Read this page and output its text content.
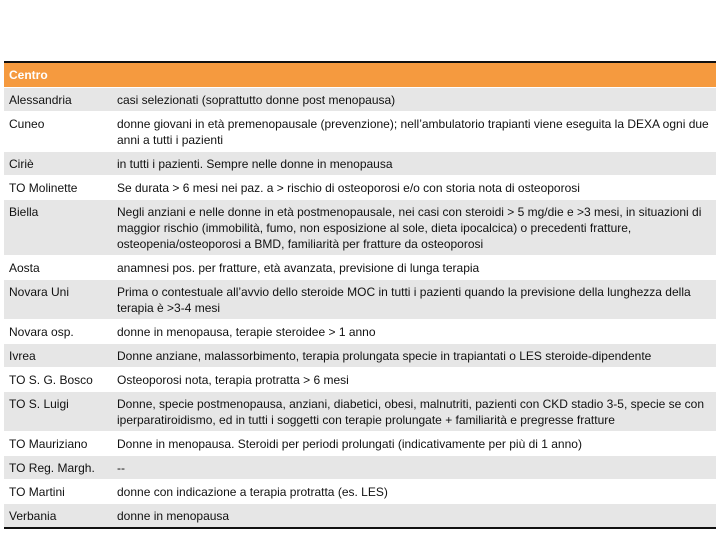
Centro	
Alessandria	casi selezionati (soprattutto donne post menopausa)
Cuneo	donne giovani in età premenopausale (prevenzione); nell’ambulatorio trapianti viene eseguita la DEXA ogni due anni a tutti i pazienti
Ciriè	in tutti i pazienti. Sempre nelle donne in menopausa
TO Molinette	Se durata > 6 mesi nei paz. a > rischio di osteoporosi e/o con storia nota di osteoporosi
Biella	Negli anziani e nelle donne in età postmenopausale, nei casi con steroidi > 5 mg/die e >3 mesi, in situazioni di maggior rischio (immobilità, fumo, non esposizione al sole, dieta ipocalcica) o precedenti fratture, osteopenia/osteoporosi a BMD, familiarità per fratture da osteoporosi
Aosta	anamnesi pos. per fratture, età avanzata, previsione di lunga terapia
Novara Uni	Prima o contestuale all’avvio dello steroide MOC in tutti i pazienti quando la previsione della lunghezza della terapia è >3-4 mesi
Novara osp.	donne in menopausa, terapie steroidee > 1 anno
Ivrea	Donne anziane, malassorbimento, terapia prolungata specie in trapiantati o LES steroide-dipendente
TO S. G. Bosco	Osteoporosi nota, terapia protratta > 6 mesi
TO S. Luigi	Donne, specie postmenopausa, anziani, diabetici, obesi, malnutriti, pazienti con CKD stadio 3-5, specie se con iperparatiroidismo, ed in tutti i soggetti con terapie prolungate + familiarità e pregresse fratture
TO Mauriziano	Donne in menopausa. Steroidi per periodi prolungati (indicativamente per più di 1 anno)
TO Reg. Margh.	--
TO Martini	donne con indicazione a terapia protratta (es. LES)
Verbania	donne in menopausa
